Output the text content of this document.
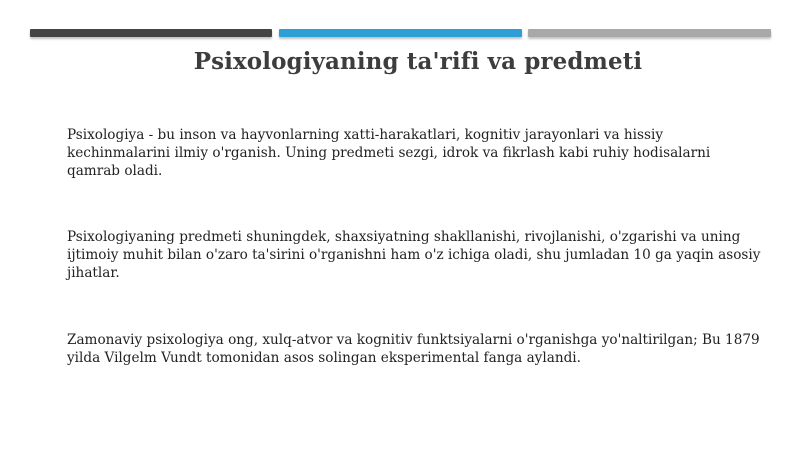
Psixologiyaning ta'rifi va predmeti

Psixologiya - bu inson va hayvonlarning xatti-harakatlari, kognitiv jarayonlari va hissiy kechinmalarini ilmiy o'rganish. Uning predmeti sezgi, idrok va fikrlash kabi ruhiy hodisalarni qamrab oladi.

Psixologiyaning predmeti shuningdek, shaxsiyatning shakllanishi, rivojlanishi, o'zgarishi va uning ijtimoiy muhit bilan o'zaro ta'sirini o'rganishni ham o'z ichiga oladi, shu jumladan 10 ga yaqin asosiy jihatlar.

Zamonaviy psixologiya ong, xulq-atvor va kognitiv funktsiyalarni o'rganishga yo'naltirilgan; Bu 1879 yilda Vilgelm Vundt tomonidan asos solingan eksperimental fanga aylandi.
